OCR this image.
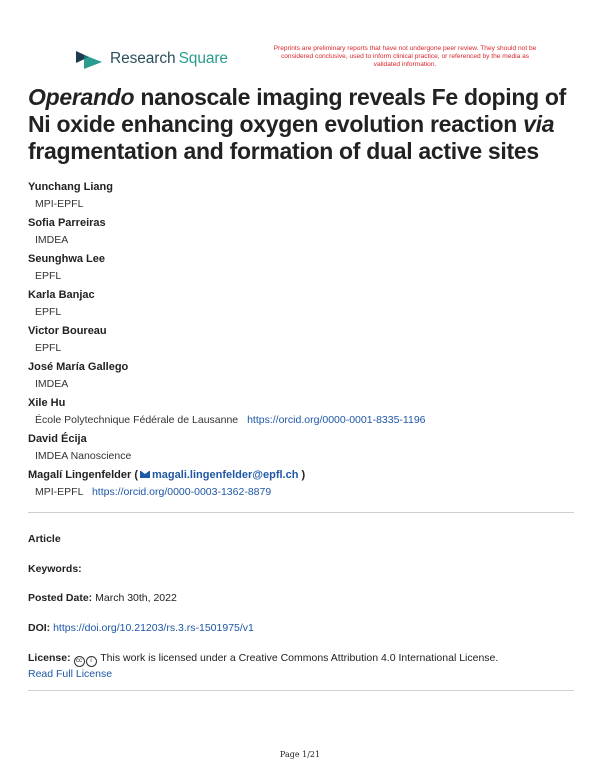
Research  Square
Preprints are preliminary reports that have not undergone peer review. They should not be considered conclusive, used to inform clinical practice, or referenced by the media as validated information.
Operando nanoscale imaging reveals Fe doping of Ni oxide enhancing oxygen evolution reaction via fragmentation and formation of dual active sites
Yunchang Liang
MPI-EPFL
Sofia Parreiras
IMDEA
Seunghwa Lee
EPFL
Karla Banjac
EPFL
Victor Boureau
EPFL
José María Gallego
IMDEA
Xile Hu
École Polytechnique Fédérale de Lausanne https://orcid.org/0000-0001-8335-1196
David Écija
IMDEA Nanoscience
Magalí Lingenfelder ( magali.lingenfelder@epfl.ch )
MPI-EPFL https://orcid.org/0000-0003-1362-8879
Article
Keywords:
Posted Date: March 30th, 2022
DOI: https://doi.org/10.21203/rs.3.rs-1501975/v1
License: cc i This work is licensed under a Creative Commons Attribution 4.0 International License.
Read Full License
Page 1/21
